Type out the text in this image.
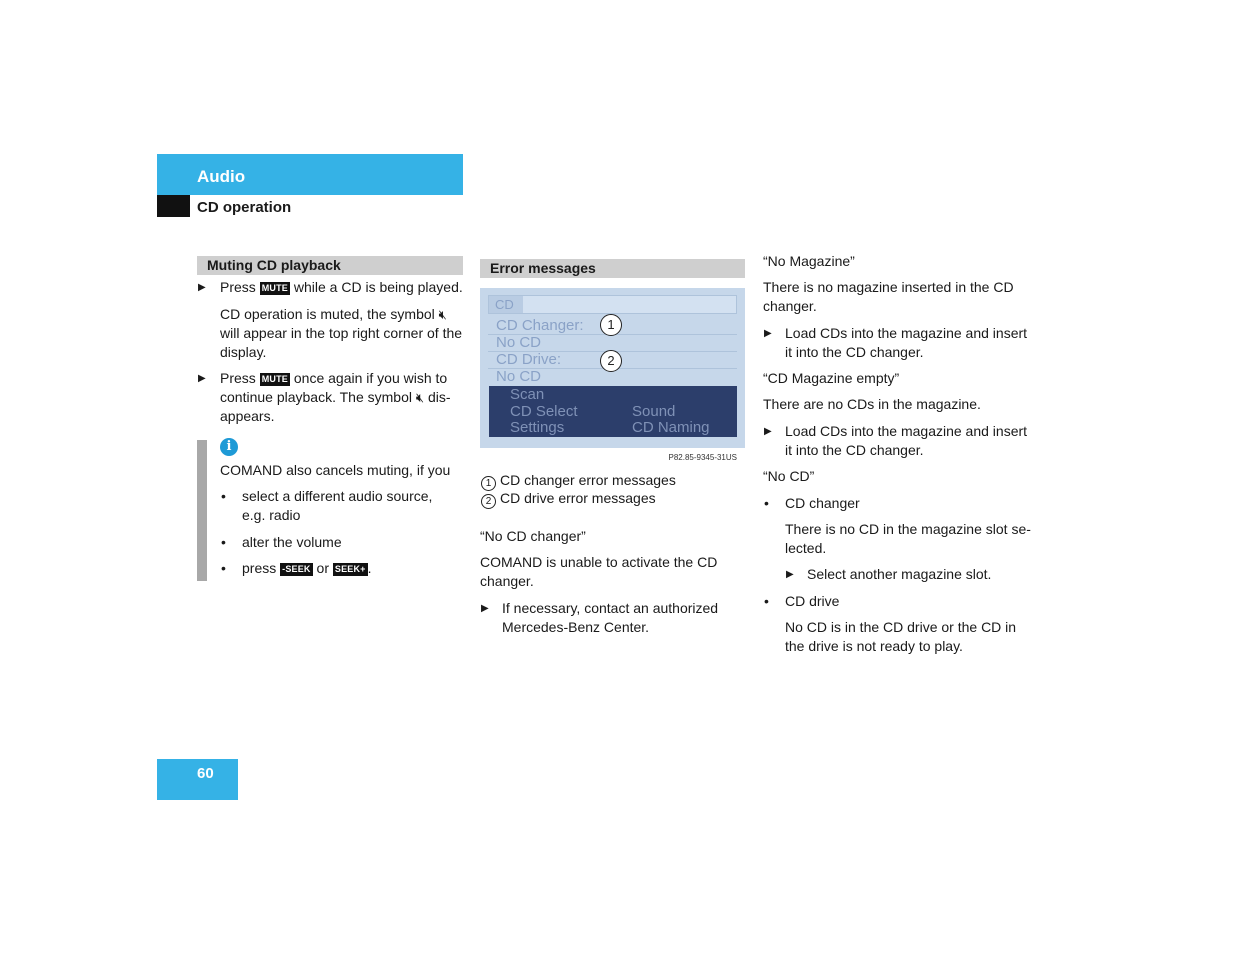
Audio
CD operation
Muting CD playback
▶ Press MUTE while a CD is being played.
CD operation is muted, the symbol 🔇︎
will appear in the top right corner of the
display.
▶ Press MUTE once again if you wish to
continue playback. The symbol 🔇︎ dis-
appears.
i
COMAND also cancels muting, if you
• select a different audio source,
e.g. radio
• alter the volume
• press -SEEK or SEEK+ .
Error messages
CD
CD Changer:
No CD
CD Drive:
No CD
1
2
Scan
CD Select	Sound
Settings	CD Naming
P82.85-9345-31US
1 CD changer error messages
2 CD drive error messages
“No CD changer”
COMAND is unable to activate the CD
changer.
▶ If necessary, contact an authorized
Mercedes-Benz Center.
“No Magazine”
There is no magazine inserted in the CD
changer.
▶ Load CDs into the magazine and insert
it into the CD changer.
“CD Magazine empty”
There are no CDs in the magazine.
▶ Load CDs into the magazine and insert
it into the CD changer.
“No CD”
• CD changer
There is no CD in the magazine slot se-
lected.
▶ Select another magazine slot.
• CD drive
No CD is in the CD drive or the CD in
the drive is not ready to play.
60
